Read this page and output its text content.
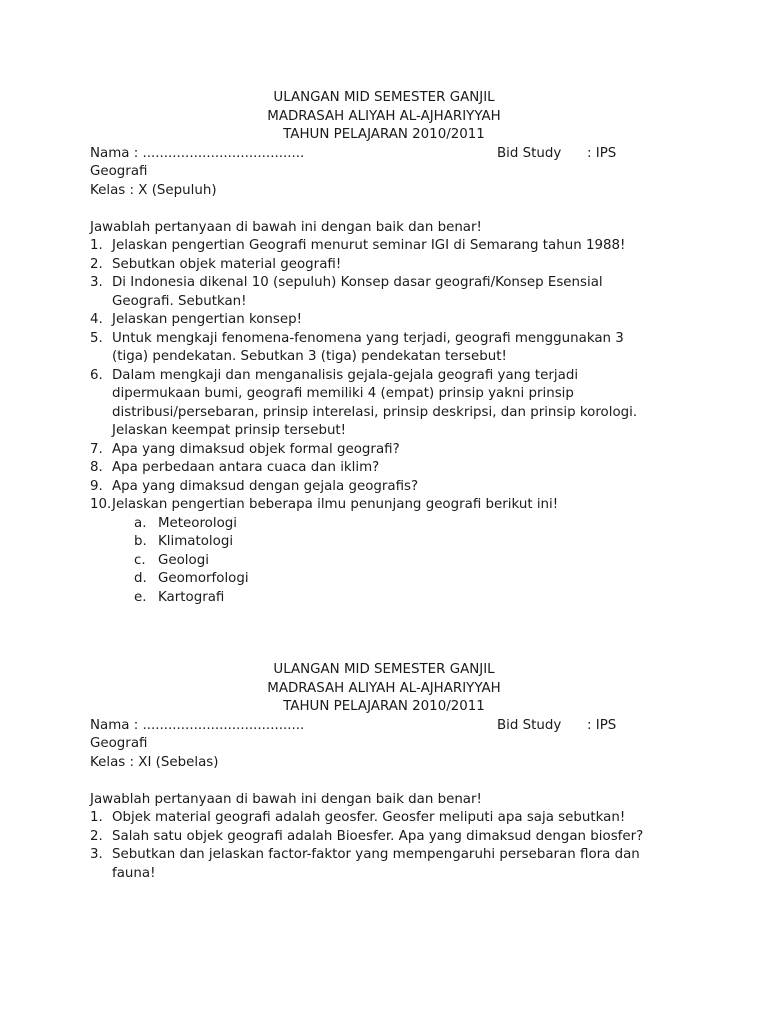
ULANGAN MID SEMESTER GANJIL
MADRASAH ALIYAH AL-AJHARIYYAH
TAHUN PELAJARAN 2010/2011
Nama : ......................................	Bid Study : IPS
Geografi
Kelas : X (Sepuluh)
Jawablah pertanyaan di bawah ini dengan baik dan benar!
1. Jelaskan pengertian Geografi menurut seminar IGI di Semarang tahun 1988!
2. Sebutkan objek material geografi!
3. Di Indonesia dikenal 10 (sepuluh) Konsep dasar geografi/Konsep Esensial
Geografi. Sebutkan!
4. Jelaskan pengertian konsep!
5. Untuk mengkaji fenomena-fenomena yang terjadi, geografi menggunakan 3
(tiga) pendekatan. Sebutkan 3 (tiga) pendekatan tersebut!
6. Dalam mengkaji dan menganalisis gejala-gejala geografi yang terjadi
dipermukaan bumi, geografi memiliki 4 (empat) prinsip yakni prinsip
distribusi/persebaran, prinsip interelasi, prinsip deskripsi, dan prinsip korologi.
Jelaskan keempat prinsip tersebut!
7. Apa yang dimaksud objek formal geografi?
8. Apa perbedaan antara cuaca dan iklim?
9. Apa yang dimaksud dengan gejala geografis?
10. Jelaskan pengertian beberapa ilmu penunjang geografi berikut ini!
a. Meteorologi
b. Klimatologi
c. Geologi
d. Geomorfologi
e. Kartografi
ULANGAN MID SEMESTER GANJIL
MADRASAH ALIYAH AL-AJHARIYYAH
TAHUN PELAJARAN 2010/2011
Nama : ......................................	Bid Study : IPS
Geografi
Kelas : XI (Sebelas)
Jawablah pertanyaan di bawah ini dengan baik dan benar!
1. Objek material geografi adalah geosfer. Geosfer meliputi apa saja sebutkan!
2. Salah satu objek geografi adalah Bioesfer. Apa yang dimaksud dengan biosfer?
3. Sebutkan dan jelaskan factor-faktor yang mempengaruhi persebaran flora dan
fauna!
